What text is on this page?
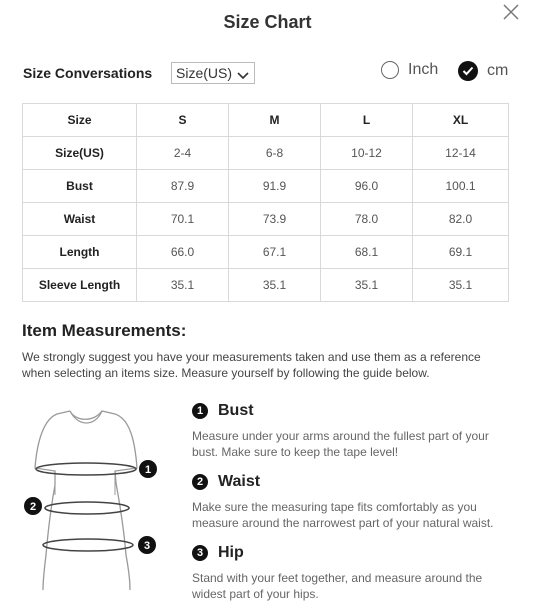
Size Chart
Size Conversations	Size(US)	Inch	cm
Size	S	M	L	XL
Size(US)	2-4	6-8	10-12	12-14
Bust	87.9	91.9	96.0	100.1
Waist	70.1	73.9	78.0	82.0
Length	66.0	67.1	68.1	69.1
Sleeve Length	35.1	35.1	35.1	35.1
Item Measurements:
We strongly suggest you have your measurements taken and use them as a reference when selecting an items size. Measure yourself by following the guide below.
1
2
3
1 Bust
Measure under your arms around the fullest part of your bust. Make sure to keep the tape level!
2 Waist
Make sure the measuring tape fits comfortably as you measure around the narrowest part of your natural waist.
3 Hip
Stand with your feet together, and measure around the widest part of your hips.
